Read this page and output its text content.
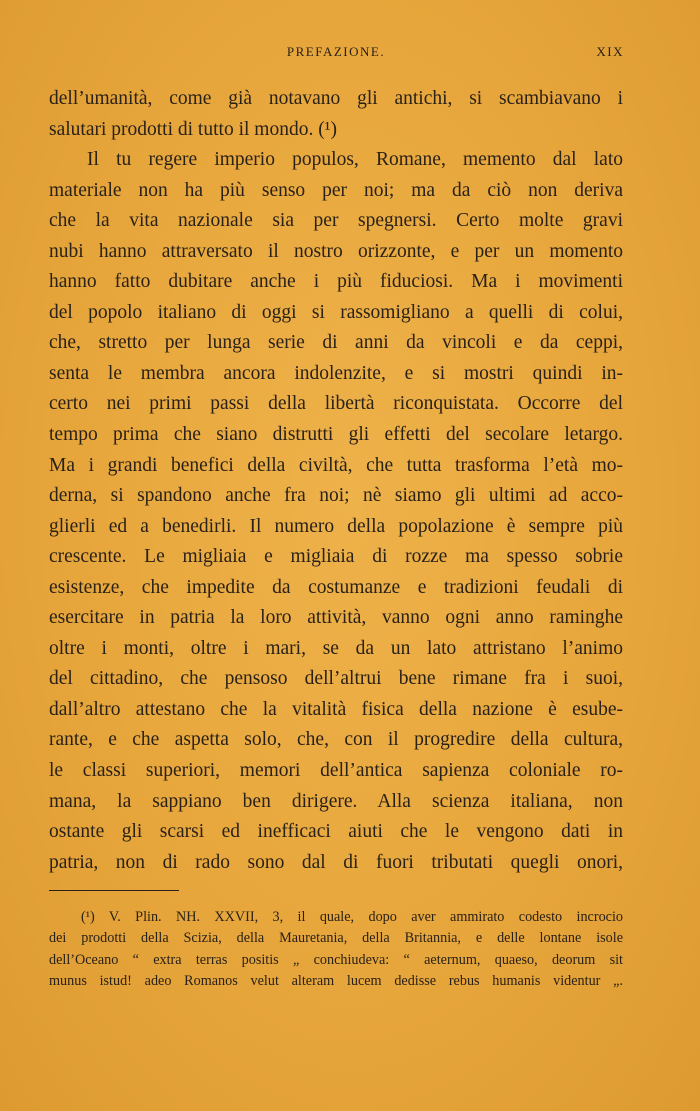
PREFAZIONE.	XIX
dell’umanità, come già notavano gli antichi, si scambiavano i
salutari prodotti di tutto il mondo. (¹)
Il tu regere imperio populos, Romane, memento dal lato
materiale non ha più senso per noi; ma da ciò non deriva
che la vita nazionale sia per spegnersi. Certo molte gravi
nubi hanno attraversato il nostro orizzonte, e per un momento
hanno fatto dubitare anche i più fiduciosi. Ma i movimenti
del popolo italiano di oggi si rassomigliano a quelli di colui,
che, stretto per lunga serie di anni da vincoli e da ceppi,
senta le membra ancora indolenzite, e si mostri quindi in-
certo nei primi passi della libertà riconquistata. Occorre del
tempo prima che siano distrutti gli effetti del secolare letargo.
Ma i grandi benefici della civiltà, che tutta trasforma l’età mo-
derna, si spandono anche fra noi; nè siamo gli ultimi ad acco-
glierli ed a benedirli. Il numero della popolazione è sempre più
crescente. Le migliaia e migliaia di rozze ma spesso sobrie
esistenze, che impedite da costumanze e tradizioni feudali di
esercitare in patria la loro attività, vanno ogni anno raminghe
oltre i monti, oltre i mari, se da un lato attristano l’animo
del cittadino, che pensoso dell’altrui bene rimane fra i suoi,
dall’altro attestano che la vitalità fisica della nazione è esube-
rante, e che aspetta solo, che, con il progredire della cultura,
le classi superiori, memori dell’antica sapienza coloniale ro-
mana, la sappiano ben dirigere. Alla scienza italiana, non
ostante gli scarsi ed inefficaci aiuti che le vengono dati in
patria, non di rado sono dal di fuori tributati quegli onori,
(¹) V. Plin. NH. XXVII, 3, il quale, dopo aver ammirato codesto incrocio
dei prodotti della Scizia, della Mauretania, della Britannia, e delle lontane isole
dell’Oceano “ extra terras positis „ conchiudeva: “ aeternum, quaeso, deorum sit
munus istud! adeo Romanos velut alteram lucem dedisse rebus humanis videntur „.
